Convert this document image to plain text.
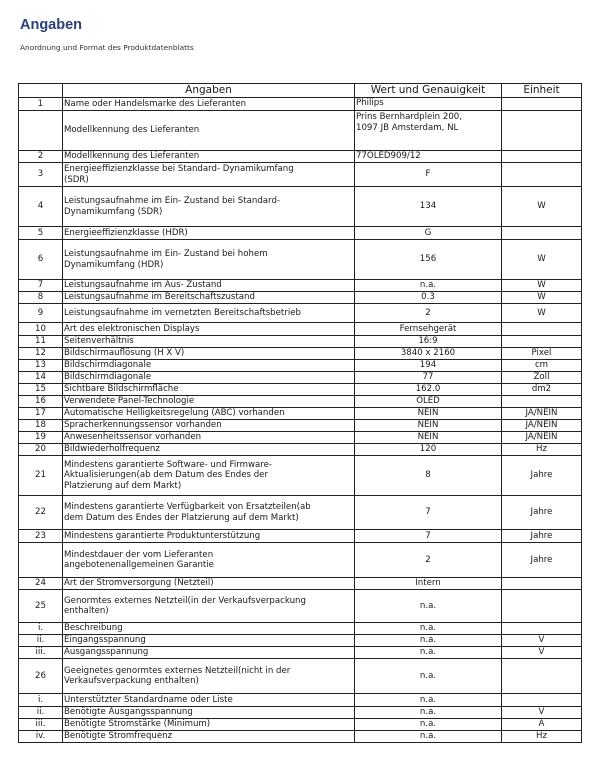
Angaben
Anordnung und Format des Produktdatenblatts
	Angaben	Wert und Genauigkeit	Einheit
1	Name oder Handelsmarke des Lieferanten	Philips	
	Modellkennung des Lieferanten	Prins Bernhardplein 200,
1097 JB Amsterdam, NL	
2	Modellkennung des Lieferanten	77OLED909/12	
3	Energieeffizienzklasse bei Standard- Dynamikumfang
(SDR)	F	
4	Leistungsaufnahme im Ein- Zustand bei Standard-
Dynamikumfang (SDR)	134	W
5	Energieeffizienzklasse (HDR)	G	
6	Leistungsaufnahme im Ein- Zustand bei hohem
Dynamikumfang (HDR)	156	W
7	Leistungsaufnahme im Aus- Zustand	n.a.	W
8	Leistungsaufnahme im Bereitschaftszustand	0.3	W
9	Leistungsaufnahme im vernetzten Bereitschaftsbetrieb	2	W
10	Art des elektronischen Displays	Fernsehgerät	
11	Seitenverhältnis	16:9	
12	Bildschirmauflösung (H X V)	3840 x 2160	Pixel
13	Bildschirmdiagonale	194	cm
14	Bildschirmdiagonale	77	Zoll
15	Sichtbare Bildschirmfläche	162.0	dm2
16	Verwendete Panel-Technologie	OLED	
17	Automatische Helligkeitsregelung (ABC) vorhanden	NEIN	JA/NEIN
18	Spracherkennungssensor vorhanden	NEIN	JA/NEIN
19	Anwesenheitssensor vorhanden	NEIN	JA/NEIN
20	Bildwiederholfrequenz	120	Hz
21	Mindestens garantierte Software- und Firmware-
Aktualisierungen(ab dem Datum des Endes der
Platzierung auf dem Markt)	8	Jahre
22	Mindestens garantierte Verfügbarkeit von Ersatzteilen(ab
dem Datum des Endes der Platzierung auf dem Markt)	7	Jahre
23	Mindestens garantierte Produktunterstützung	7	Jahre
	Mindestdauer der vom Lieferanten
angebotenenallgemeinen Garantie	2	Jahre
24	Art der Stromversorgung (Netzteil)	Intern	
25	Genormtes externes Netzteil(in der Verkaufsverpackung
enthalten)	n.a.	
i.	Beschreibung	n.a.	
ii.	Eingangsspannung	n.a.	V
iii.	Ausgangsspannung	n.a.	V
26	Geeignetes genormtes externes Netzteil(nicht in der
Verkaufsverpackung enthalten)	n.a.	
i.	Unterstützter Standardname oder Liste	n.a.	
ii.	Benötigte Ausgangsspannung	n.a.	V
iii.	Benötigte Stromstärke (Minimum)	n.a.	A
iv.	Benötigte Stromfrequenz	n.a.	Hz
